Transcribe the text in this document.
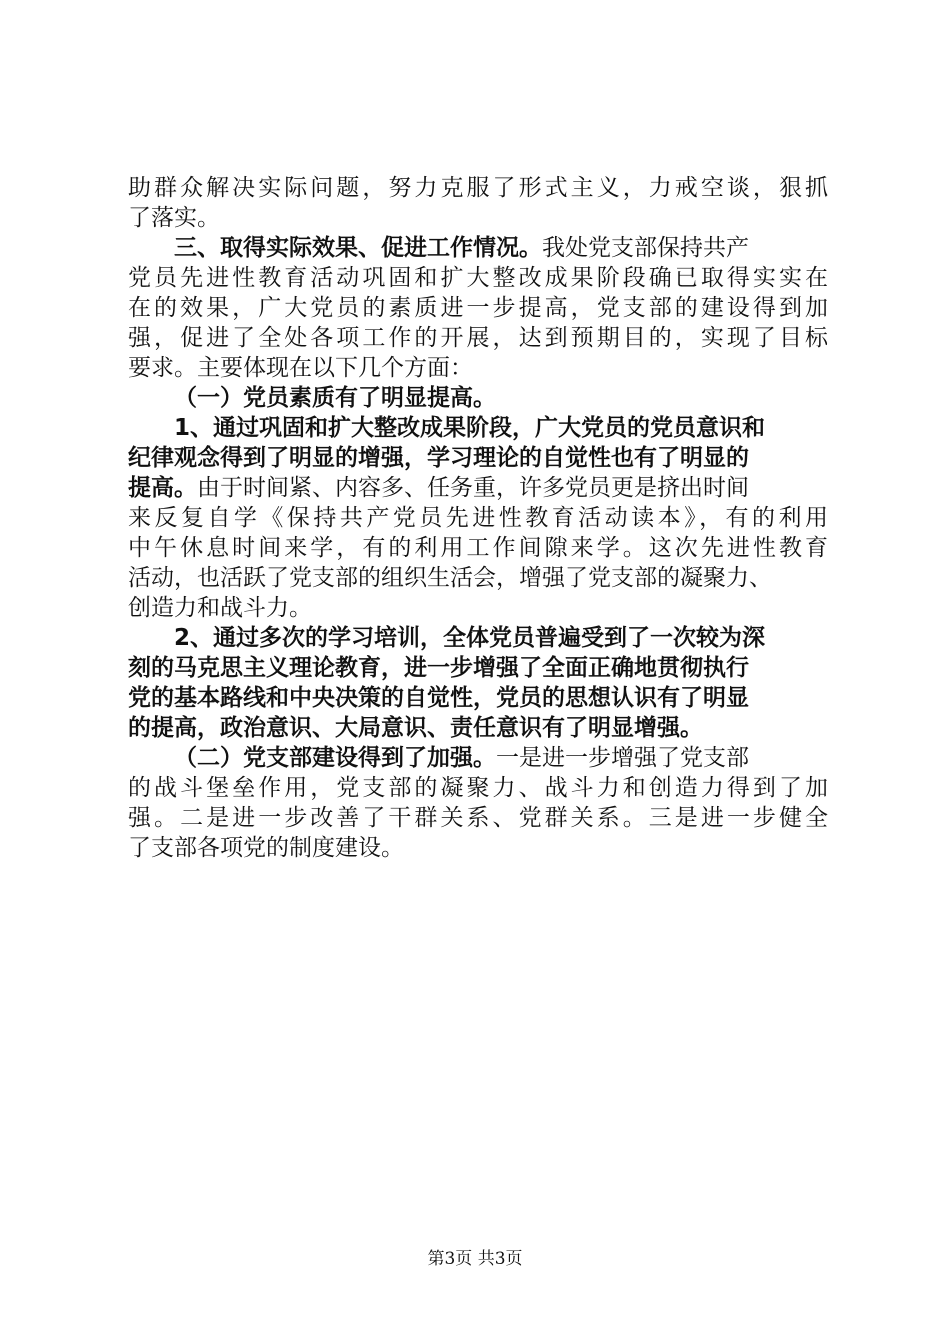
助群众解决实际问题，努力克服了形式主义，力戒空谈，狠抓
了落实。
三、取得实际效果、促进工作情况。我处党支部保持共产
党员先进性教育活动巩固和扩大整改成果阶段确已取得实实在
在的效果，广大党员的素质进一步提高，党支部的建设得到加
强，促进了全处各项工作的开展，达到预期目的，实现了目标
要求。主要体现在以下几个方面：
（一）党员素质有了明显提高。
1、通过巩固和扩大整改成果阶段，广大党员的党员意识和
纪律观念得到了明显的增强，学习理论的自觉性也有了明显的
提高。由于时间紧、内容多、任务重，许多党员更是挤出时间
来反复自学《保持共产党员先进性教育活动读本》，有的利用
中午休息时间来学，有的利用工作间隙来学。这次先进性教育
活动，也活跃了党支部的组织生活会，增强了党支部的凝聚力、
创造力和战斗力。
2、通过多次的学习培训，全体党员普遍受到了一次较为深
刻的马克思主义理论教育，进一步增强了全面正确地贯彻执行
党的基本路线和中央决策的自觉性，党员的思想认识有了明显
的提高，政治意识、大局意识、责任意识有了明显增强。
（二）党支部建设得到了加强。一是进一步增强了党支部
的战斗堡垒作用，党支部的凝聚力、战斗力和创造力得到了加
强。二是进一步改善了干群关系、党群关系。三是进一步健全
了支部各项党的制度建设。
第3页 共3页
